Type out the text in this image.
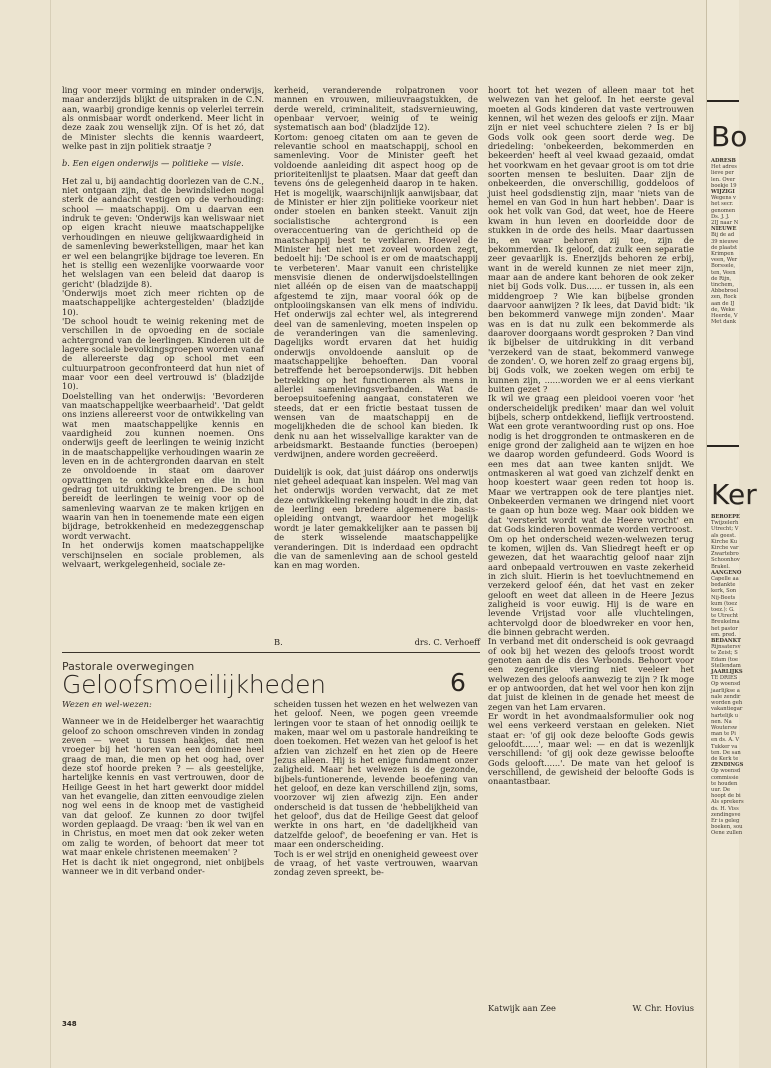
ling voor meer vorming en minder onderwijs, maar anderzijds blijkt de uitspraken in de C.N. aan, waarbij grondige kennis op velerlei terrein als onmisbaar wordt onderkend. Meer licht in deze zaak zou wenselijk zijn. Of is het zó, dat de Minister slechts die kennis waardeert, welke past in zijn politiek straatje ?

b. Een eigen onderwijs — politieke — visie.

Het zal u, bij aandachtig doorlezen van de C.N., niet ontgaan zijn, dat de bewindslieden nogal sterk de aandacht vestigen op de verhouding: school — maatschappij. Om u daarvan een indruk te geven: 'Onderwijs kan weliswaar niet op eigen kracht nieuwe maatschappelijke verhoudingen en nieuwe gelijkwaardigheid in de samenleving bewerkstelligen, maar het kan er wel een belangrijke bijdrage toe leveren. En het is stellig een wezenlijke voorwaarde voor het welslagen van een beleid dat daarop is gericht' (bladzijde 8).

'Onderwijs moet zich meer richten op de maatschappelijke achtergestelden' (bladzijde 10).

'De school houdt te weinig rekening met de verschillen in de opvoeding en de sociale achtergrond van de leerlingen. Kinderen uit de lagere sociale bevolkingsgroepen worden vanaf de allereerste dag op school met een cultuurpatroon geconfronteerd dat hun niet of maar voor een deel vertrouwd is' (bladzijde 10).

Doelstelling van het onderwijs: 'Bevorderen van maatschappelijke weerbaarheid'. 'Dat geldt ons inziens allereerst voor de ontwikkeling van wat men maatschappelijke kennis en vaardigheid zou kunnen noemen. Ons onderwijs geeft de leerlingen te weinig inzicht in de maatschappelijke verhoudingen waarin ze leven en in de achtergronden daarvan en stelt ze onvoldoende in staat om daarover opvattingen te ontwikkelen en die in hun gedrag tot uitdrukking te brengen. De school bereidt de leerlingen te weinig voor op de samenleving waarvan ze te maken krijgen en waarin van hen in toenemende mate een eigen bijdrage, betrokkenheid en medezeggenschap wordt verwacht.

In het onderwijs komen maatschappelijke verschijnselen en sociale problemen, als welvaart, werkgelegenheid, sociale ze-

kerheid, veranderende rolpatronen voor mannen en vrouwen, milieuvraagstukken, de derde wereld, criminaliteit, stadsvernieuwing, openbaar vervoer, weinig of te weinig systematisch aan bod' (bladzijde 12).

Kortom: genoeg citaten om aan te geven de relevantie school en maatschappij, school en samenleving. Voor de Minister geeft het voldoende aanleiding dit aspect hoog op de prioriteitenlijst te plaatsen. Maar dat geeft dan tevens óns de gelegenheid daarop in te haken. Het is mogelijk, waarschijnlijk aanwijsbaar, dat de Minister er hier zijn politieke voorkeur niet onder stoelen en banken steekt. Vanuit zijn socialistische achtergrond is een overaccentuering van de gerichtheid op de maatschappij best te verklaren. Hoewel de Minister het niet met zoveel woorden zegt, bedoelt hij: 'De school is er om de maatschappij te verbeteren'. Maar vanuit een christelijke mensvisie dienen de onderwijsdoelstellingen niet alléén op de eisen van de maatschappij afgestemd te zijn, maar vooral óók op de ontplooiingskansen van elk mens of individu. Het onderwijs zal echter wel, als integrerend deel van de samenleving, moeten inspelen op de veranderingen van die samenleving. Dagelijks wordt ervaren dat het huidig onderwijs onvoldoende aansluit op de maatschappelijke behoeften. Dan vooral betreffende het beroepsonderwijs. Dit hebben betrekking op het functioneren als mens in allerlei samenlevingsverbanden. Wat de beroepsuitoefening aangaat, constateren we steeds, dat er een frictie bestaat tussen de wensen van de maatschappij en de mogelijkheden die de school kan bieden. Ik denk nu aan het wisselvallige karakter van de arbeidsmarkt. Bestaande functies (beroepen) verdwijnen, andere worden gecreëerd.

Duidelijk is ook, dat juist dáárop ons onderwijs niet geheel adequaat kan inspelen. Wel mag van het onderwijs worden verwacht, dat ze met deze ontwikkeling rekening houdt in die zin, dat de leerling een bredere algemenere basis-opleiding ontvangt, waardoor het mogelijk wordt je later gemakkelijker aan te passen bij de sterk wisselende maatschappelijke veranderingen. Dit is inderdaad een opdracht die van de samenleving aan de school gesteld kan en mag worden.

B.	drs. C. Verhoeff
Pastorale overwegingen
Geloofsmoeilijkheden	6

Wezen en wel-wezen:

Wanneer we in de Heidelberger het waarachtig geloof zo schoon omschreven vinden in zondag zeven — weet u tussen haakjes, dat men vroeger bij het 'horen van een dominee heel graag de man, die men op het oog had, over deze stof hoorde preken ? — als geestelijke, hartelijke kennis en vast vertrouwen, door de Heilige Geest in het hart gewerkt door middel van het evangelie, dan zitten eenvoudige zielen nog wel eens in de knoop met de vastigheid van dat geloof. Ze kunnen zo door twijfel worden geplaagd. De vraag: 'ben ik wel van en in Christus, en moet men dat ook zeker weten om zalig te worden, of behoort dat meer tot wat maar enkele christenen meemaken' ?

Het is dacht ik niet ongegrond, niet onbijbels wanneer we in dit verband onder-

scheiden tussen het wezen en het welwezen van het geloof. Neen, we pogen geen vreemde leringen voor te staan of het onnodig oeilijk te maken, maar wel om u pastorale handreiking te doen toekomen. Het wezen van het geloof is het afzien van zichzelf en het zien op de Heere Jezus alleen. Hij is het enige fundament onzer zaligheid. Maar het welwezen is de gezonde, bijbels-funtionerende, levende beoefening van het geloof, en deze kan verschillend zijn, soms, voorzover wij zien afwezig zijn. Een ander onderscheid is dat tussen de 'hebbelijkheid van het geloof', dus dat de Heilige Geest dat geloof werkte in ons hart, en 'de dadelijkheid van datzelfde geloof', de beoefening er van. Het is maar een onderscheiding.

Toch is er wel strijd en onenigheid geweest over de vraag, of het vaste vertrouwen, waarvan zondag zeven spreekt, be-

hoort tot het wezen of alleen maar tot het welwezen van het geloof. In het eerste geval moeten al Gods kinderen dat vaste vertrouwen kennen, wil het wezen des geloofs er zijn. Maar zijn er niet veel schuchtere zielen ? Is er bij Gods volk ook geen soort derde weg. De driedeling: 'onbekeerden, bekommerden en bekeerden' heeft al veel kwaad gezaaid, omdat het voorkwam en het gevaar groot is om tot drie soorten mensen te besluiten. Daar zijn de onbekeerden, die onverschillig, goddeloos of juist heel godsdienstig zijn, maar 'niets van de hemel en van God in hun hart hebben'. Daar is ook het volk van God, dat weet, hoe de Heere kwam in hun leven en doorleidde door de stukken in de orde des heils. Maar daartussen in, en waar behoren zij toe, zijn de bekommerden. Ik geloof, dat zulk een separatie zeer gevaarlijk is. Enerzijds behoren ze erbij, want in de wereld kunnen ze niet meer zijn, maar aan de andere kant behoren de ook zeker niet bij Gods volk. Dus...... er tussen in, als een middengroep ? Wie kan bijbelse gronden daarvoor aanwijzen ? Ik lees, dat David bidt: 'ik ben bekommerd vanwege mijn zonden'. Maar was en is dat nu zulk een bekommerde als daarover doorgaans wordt gesproken ? Dan vind ik bijbelser de uitdrukking in dit verband 'verzekerd van de staat, bekommerd vanwege de zonden'. O, we horen zelf zo graag ergens bij, bij Gods volk, we zoeken wegen om erbij te kunnen zijn, ......worden we er al eens vierkant buiten gezet ?

Ik wil we graag een pleidooi voeren voor 'het onderscheidelijk prediken' maar dan wel voluit bijbels, scherp ontdekkend, lieflijk vertroostend. Wat een grote verantwoording rust op ons. Hoe nodig is het droggronden te ontmaskeren en de enige grond der zaligheid aan te wijzen en hoe we daarop worden gefundeerd. Gods Woord is een mes dat aan twee kanten snijdt. We ontmaskeren al wat goed van zichzelf denkt en hoop koestert waar geen reden tot hoop is. Maar we vertrappen ook de tere plantjes niet. Onbekeerden vermanen we dringend niet voort te gaan op hun boze weg. Maar ook bidden we dat 'versterkt wordt wat de Heere wrocht' en dat Gods kinderen bovenmate worden vertroost.

Om op het onderscheid wezen-welwezen terug te komen, wijlen ds. Van Sliedregt heeft er op gewezen, dat het waarachtig geloof naar zijn aard onbepaald vertrouwen en vaste zekerheid in zich sluit. Hierin is het toevluchtnemend en verzekerd geloof één, dat het vast en zeker gelooft en weet dat alleen in de Heere Jezus zaligheid is voor euwig. Hij is de ware en levende Vrijstad voor alle vluchtelingen, achtervolgd door de bloedwreker en voor hen, die binnen gebracht werden.

In verband met dit onderscheid is ook gevraagd of ook bij het wezen des geloofs troost wordt genoten aan de dis des Verbonds. Behoort voor een zegenrijke viering niet veeleer het welwezen des geloofs aanwezig te zijn ? Ik moge er op antwoorden, dat het wel voor hen kon zijn dat juist de kleinen in de genade het meest de zegen van het Lam ervaren.

Er wordt in het avondmaalsformulier ook nog wel eens verkeerd verstaan en geleken. Niet staat er: 'of gij ook deze beloofte Gods gewis geloofdt......', maar wel: — en dat is wezenlijk verschillend: 'of gij ook deze gewisse beloofte Gods gelooft......'. De mate van het geloof is verschillend, de gewisheid der beloofte Gods is onaantastbaar.

Katwijk aan Zee	W. Chr. Hovius
348
Bo
ADRESB
Het adres
lieve per
len. Over
boekje 19
WIJZIGI
Wegens v
het secr.
genomen
Ds. J. J.
2IJ naar N
NIEUWE
Bij de ad
39 nieuwe
de plaatst
Krimpen
veen, Wer
Borssele,
ten, Veen
de Rijn,
tinchem,
Abbebroel
zen, Rock
aan de IJ
de, Weke
Heerde, V
Met dank
Ker
BEROEPE
Twijzelerh
Utrecht; V
als geest.
Kirche Ku
Kirche var
Zwartebro
Schoonhov
Brakel.
AANGENO
Capelle aa
bedankte
kerk, Son
Nij-Beets
kum (toez
toez.): G.
te Utrecht
Breukelma
het pastor
em. pred.
BEDANKT
Rijnsatersv
te Zeist; S
Edam (toe
Stellendam
JAARLIJKS
TE DRIES
Op woensd
jaarlijkse a
nale zendir
worden geh
vakantiegar
hartelijk u
nen. Na
Woutersw
man te Pi
en ds. A. V
Tukker va
ten. De san
de Kerk te
ZENDINGS
Op woensd
commissie
te houden
uur. De
hoopt de bi
Als sprekers
ds. H. Viss
zendingsve
Er is geleg
boeken, sou
Oene zullen
